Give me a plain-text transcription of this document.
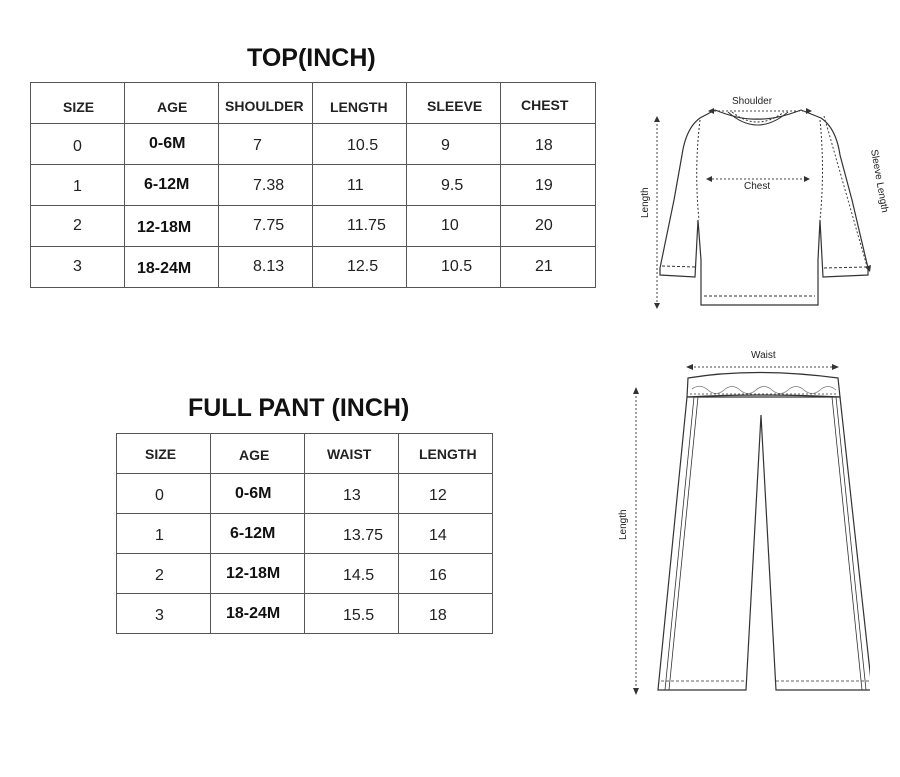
TOP(INCH)
SIZE	AGE	SHOULDER	LENGTH	SLEEVE	CHEST

0	0-6M	7	10.5	9	18

1	6-12M	7.38	11	9.5	19

2	12-18M	7.75	11.75	10	20

3	18-24M	8.13	12.5	10.5	21
FULL PANT (INCH)
SIZE	AGE	WAIST	LENGTH

0	0-6M	13	12

1	6-12M	13.75	14

2	12-18M	14.5	16

3	18-24M	15.5	18
Shoulder
Chest
Length	Sleeve Length
Waist
Length
